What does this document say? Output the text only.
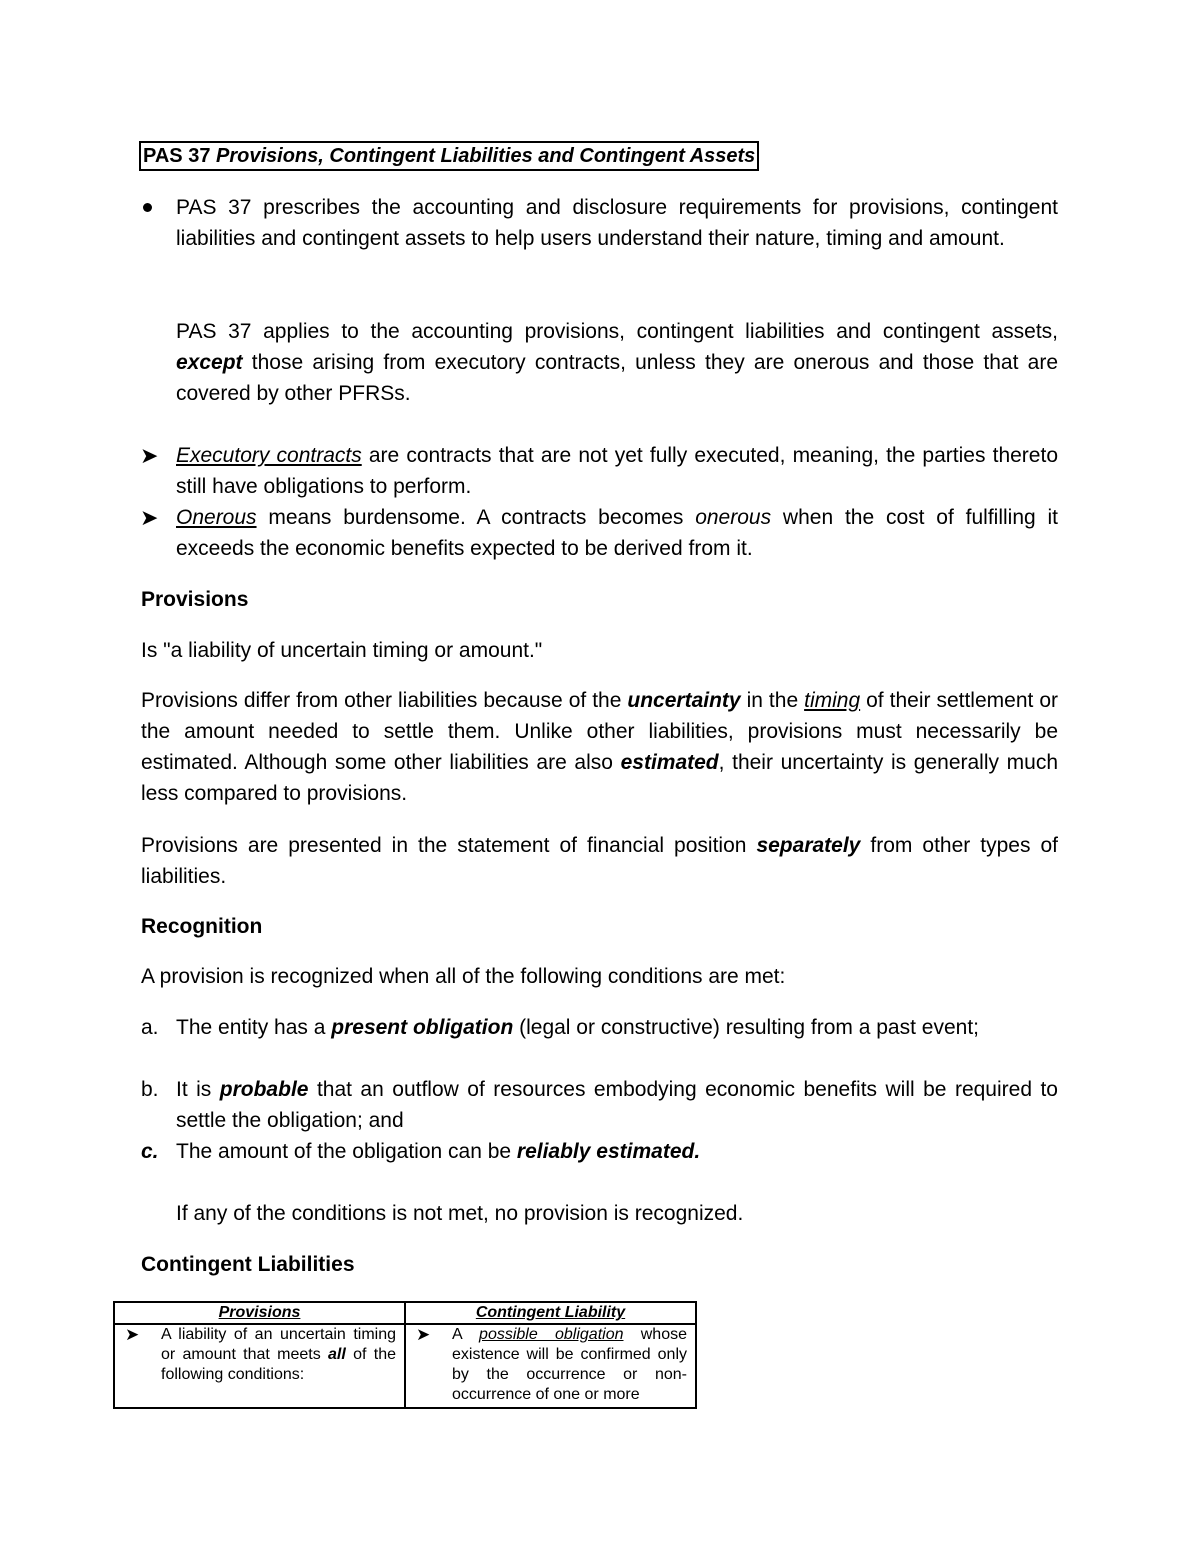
PAS 37 Provisions, Contingent Liabilities and Contingent Assets
PAS 37 prescribes the accounting and disclosure requirements for provisions, contingent liabilities and contingent assets to help users understand their nature, timing and amount.
PAS 37 applies to the accounting provisions, contingent liabilities and contingent assets, except those arising from executory contracts, unless they are onerous and those that are covered by other PFRSs.
➤ Executory contracts are contracts that are not yet fully executed, meaning, the parties thereto still have obligations to perform.
➤ Onerous means burdensome. A contracts becomes onerous when the cost of fulfilling it exceeds the economic benefits expected to be derived from it.
Provisions
Is "a liability of uncertain timing or amount."
Provisions differ from other liabilities because of the uncertainty in the timing of their settlement or the amount needed to settle them. Unlike other liabilities, provisions must necessarily be estimated. Although some other liabilities are also estimated, their uncertainty is generally much less compared to provisions.
Provisions are presented in the statement of financial position separately from other types of liabilities.
Recognition
A provision is recognized when all of the following conditions are met:
a. The entity has a present obligation (legal or constructive) resulting from a past event;
b. It is probable that an outflow of resources embodying economic benefits will be required to settle the obligation; and
c. The amount of the obligation can be reliably estimated.
If any of the conditions is not met, no provision is recognized.
Contingent Liabilities
Provisions	Contingent Liability

➤ A liability of an uncertain timing or amount that meets all of the following conditions:	➤ A possible obligation whose existence will be confirmed only by the occurrence or non-occurrence of one or more
